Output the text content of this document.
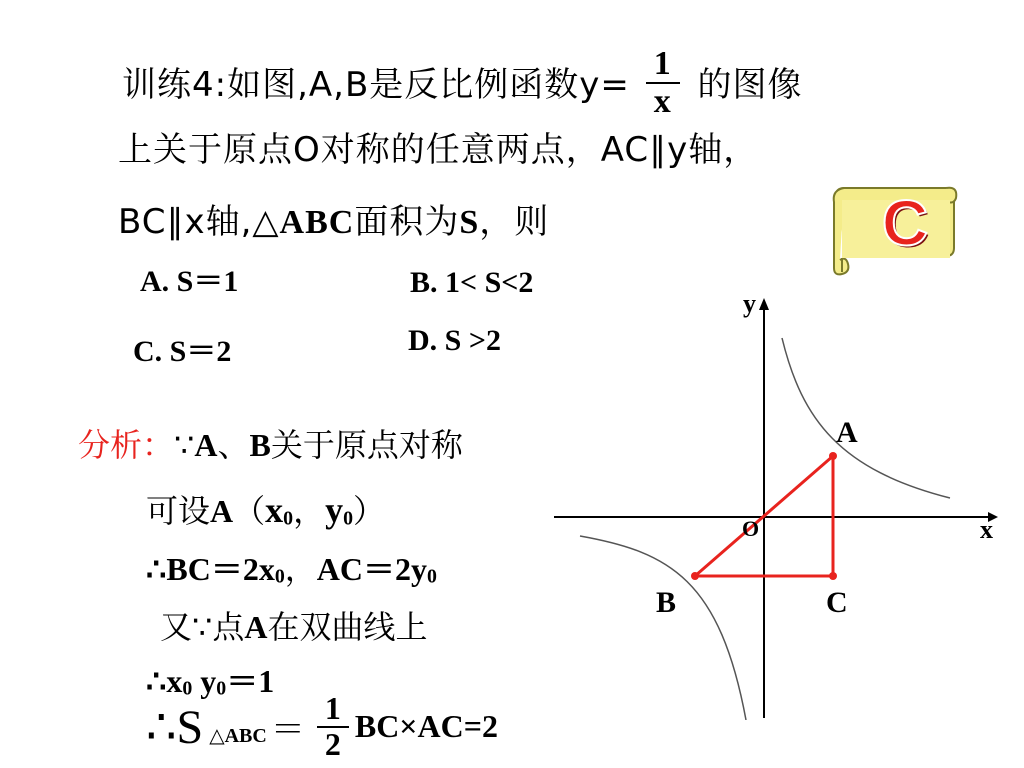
训练4:如图,A,B是反比例函数$y= \frac{1}{x}$ 的图像
上关于原点O对称的任意两点，AC∥y轴，
BC∥x轴,△ABC面积为S，则	C
A. S＝1	B. 1< S<2
C. S＝2	D. S >2
分析：∵A、B关于原点对称
可设A（x0，y0）
∴BC＝2x0，AC＝2y0
又∵点A在双曲线上
∴x0 y0＝1
∴S △ABC ＝ $\frac{1}{2} BC\times AC=2$
y
x
O
A
B	C
